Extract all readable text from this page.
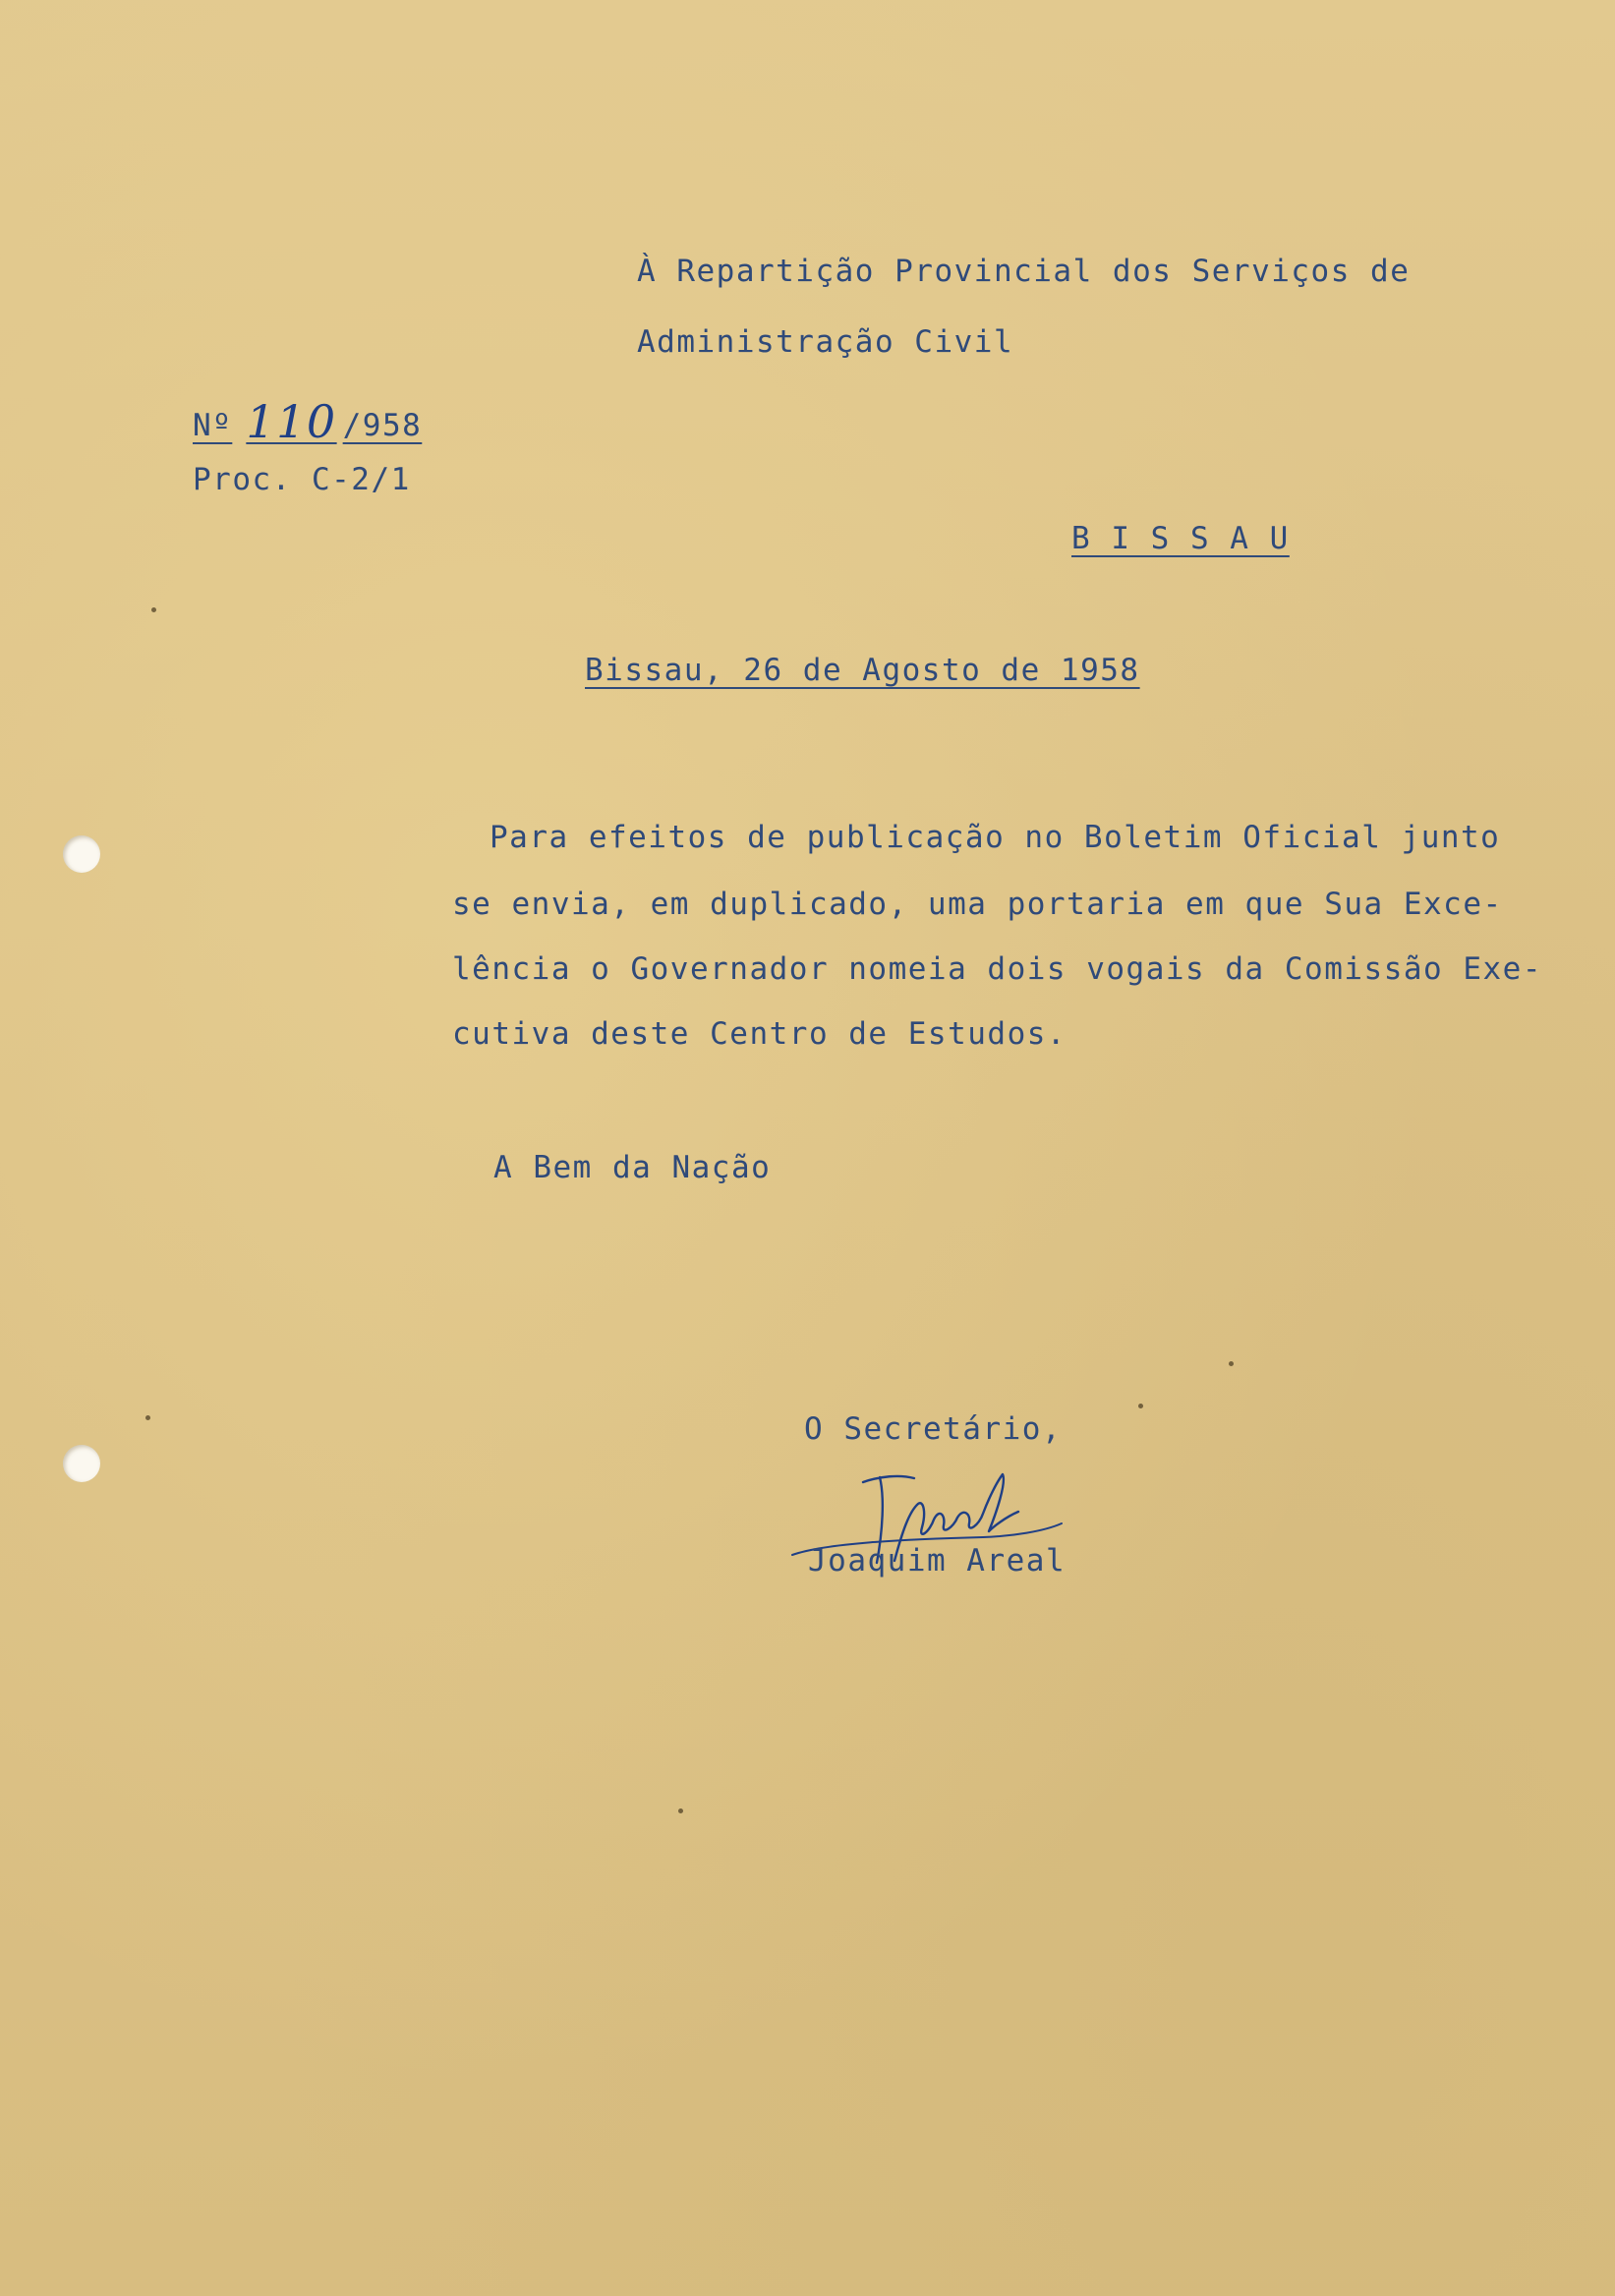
À Repartição Provincial dos Serviços de

Administração Civil

Nº 110 /958

Proc. C-2/1

B I S S A U

Bissau, 26 de Agosto de 1958

Para efeitos de publicação no Boletim Oficial junto

se envia, em duplicado, uma portaria em que Sua Exce-

lência o Governador nomeia dois vogais da Comissão Exe-

cutiva deste Centro de Estudos.

A Bem da Nação

O Secretário,

Joaquim Areal
